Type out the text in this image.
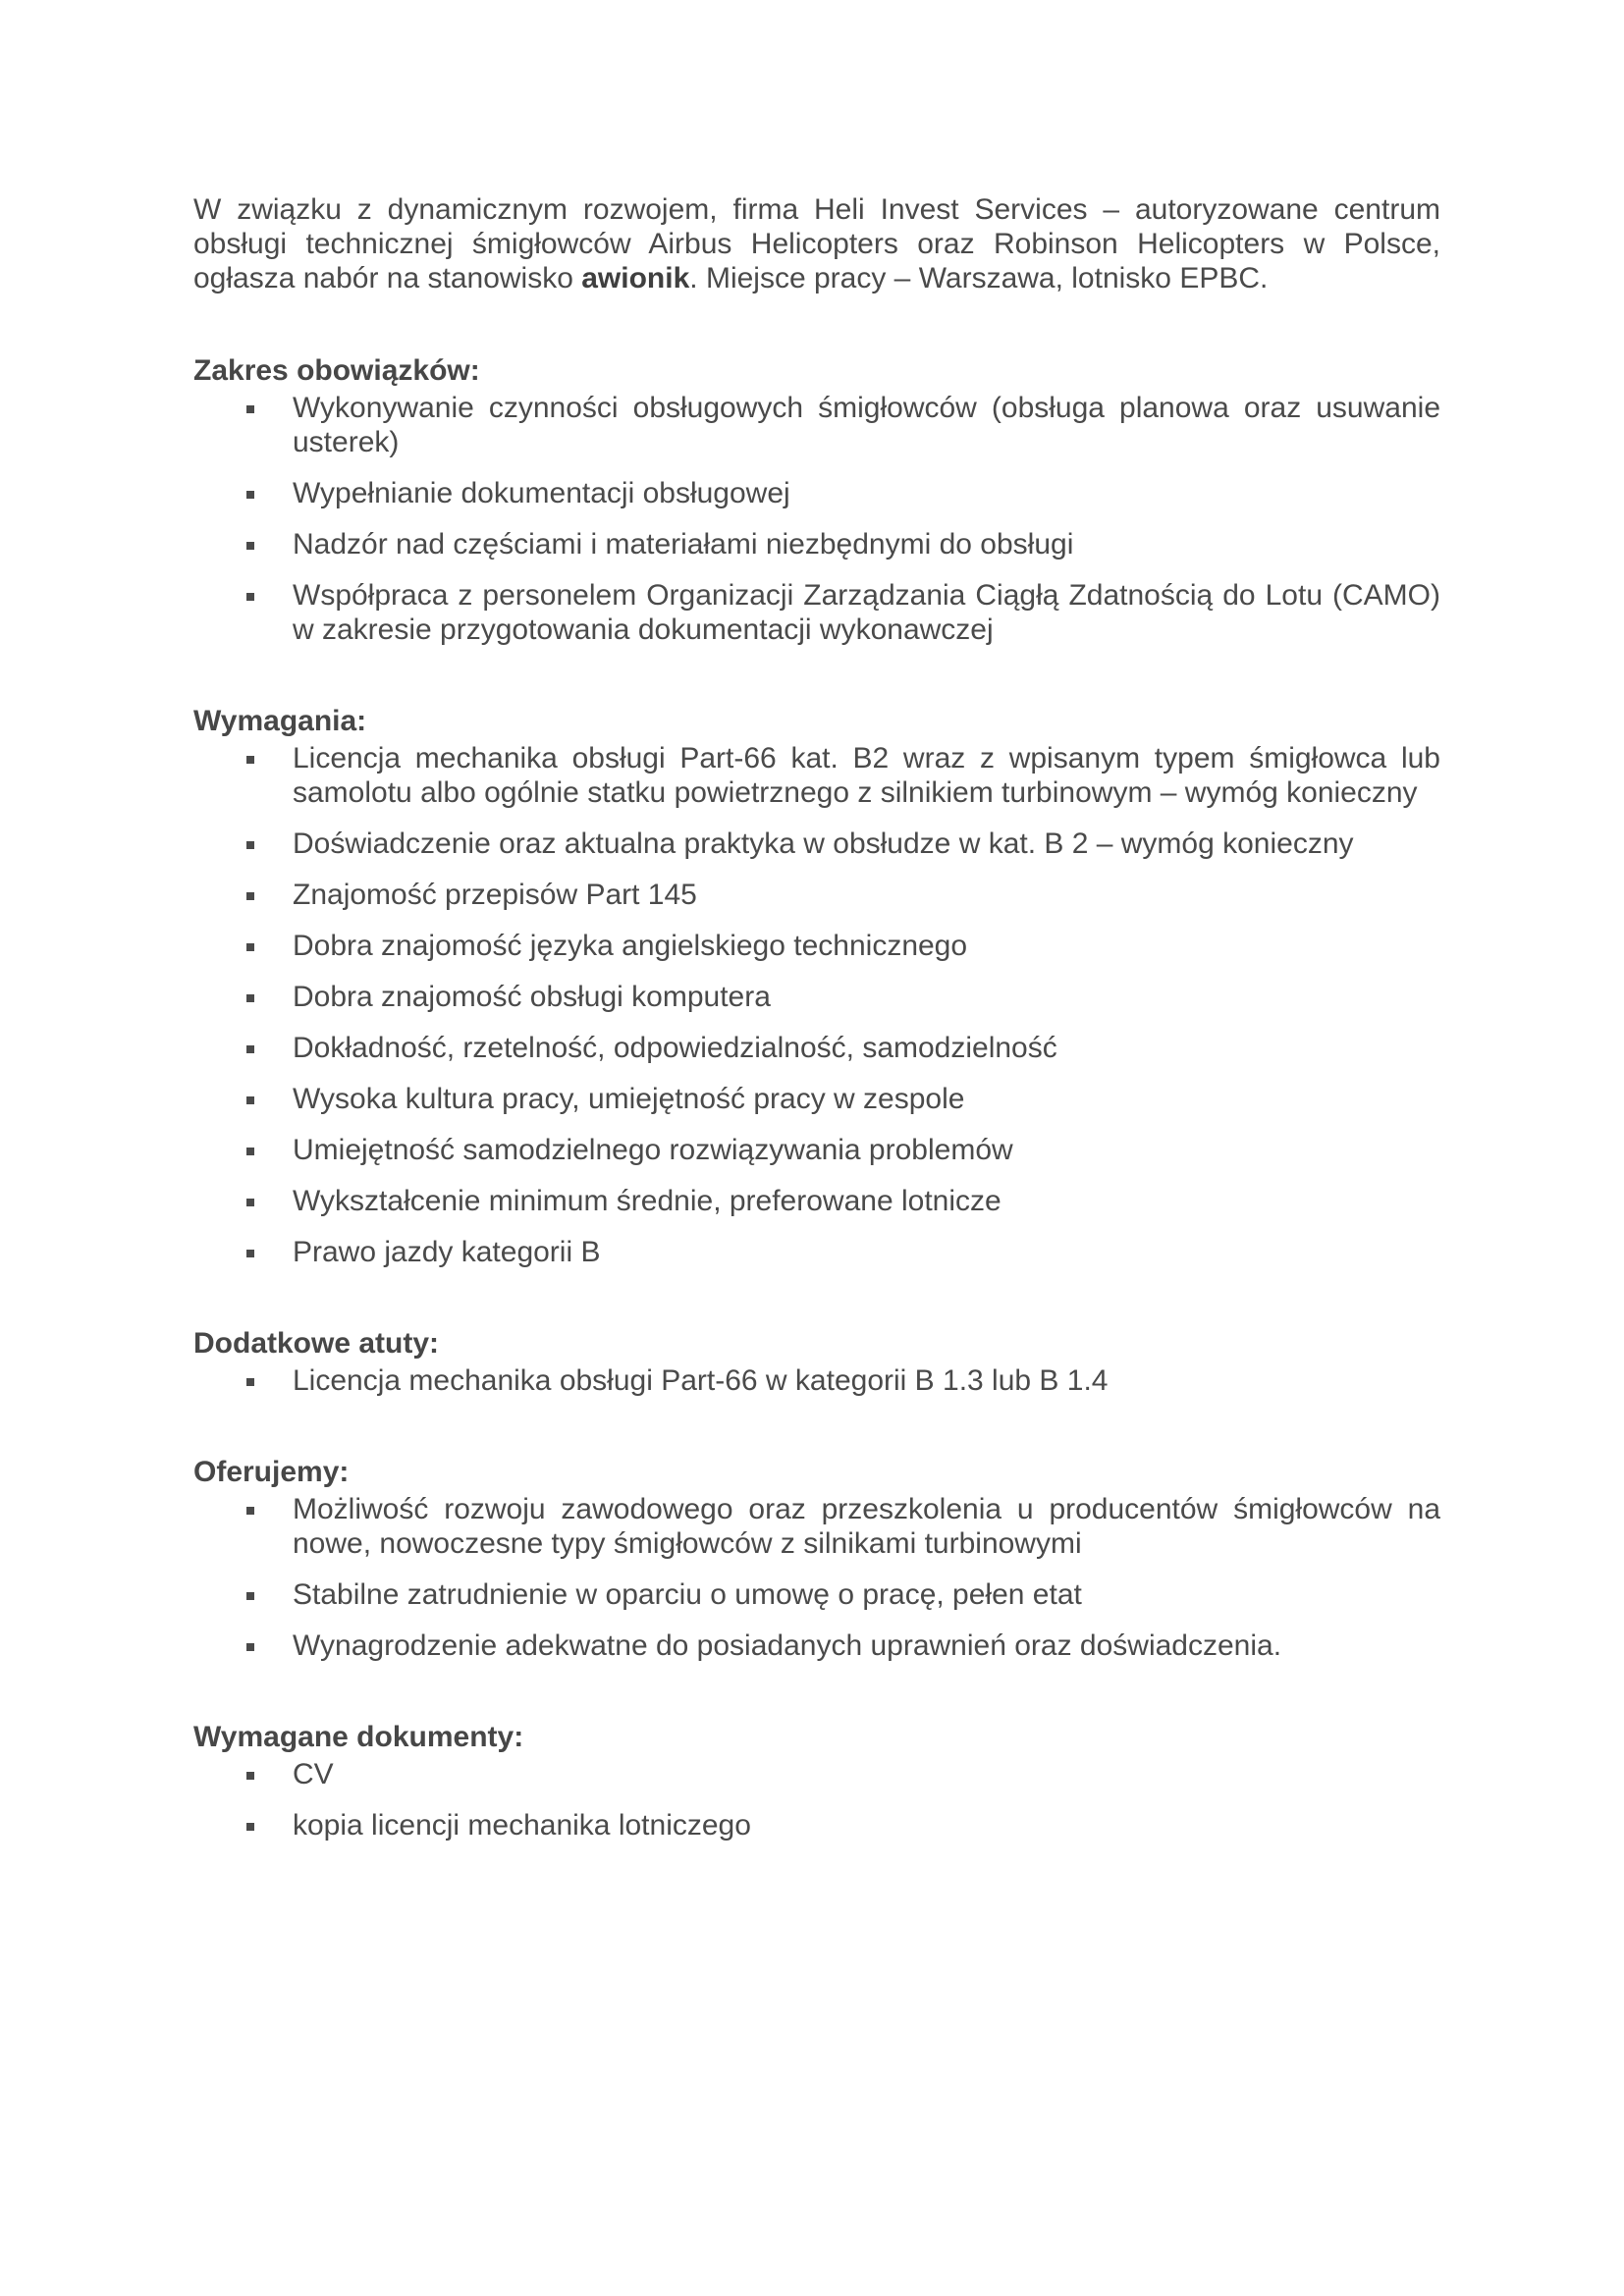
W związku z dynamicznym rozwojem, firma Heli Invest Services – autoryzowane centrum obsługi technicznej śmigłowców Airbus Helicopters oraz Robinson Helicopters w Polsce, ogłasza nabór na stanowisko awionik. Miejsce pracy – Warszawa, lotnisko EPBC.

Zakres obowiązków:
Wykonywanie czynności obsługowych śmigłowców (obsługa planowa oraz usuwanie usterek)
Wypełnianie dokumentacji obsługowej
Nadzór nad częściami i materiałami niezbędnymi do obsługi
Współpraca z personelem Organizacji Zarządzania Ciągłą Zdatnością do Lotu (CAMO) w zakresie przygotowania dokumentacji wykonawczej
Wymagania:
Licencja mechanika obsługi Part-66 kat. B2 wraz z wpisanym typem śmigłowca lub samolotu albo ogólnie statku powietrznego z silnikiem turbinowym – wymóg konieczny
Doświadczenie oraz aktualna praktyka w obsłudze w kat. B 2 – wymóg konieczny
Znajomość przepisów Part 145
Dobra znajomość języka angielskiego technicznego
Dobra znajomość obsługi komputera
Dokładność, rzetelność, odpowiedzialność, samodzielność
Wysoka kultura pracy, umiejętność pracy w zespole
Umiejętność samodzielnego rozwiązywania problemów
Wykształcenie minimum średnie, preferowane lotnicze
Prawo jazdy kategorii B
Dodatkowe atuty:
Licencja mechanika obsługi Part-66 w kategorii B 1.3 lub B 1.4
Oferujemy:
Możliwość rozwoju zawodowego oraz przeszkolenia u producentów śmigłowców na nowe, nowoczesne typy śmigłowców z silnikami turbinowymi
Stabilne zatrudnienie w oparciu o umowę o pracę, pełen etat
Wynagrodzenie adekwatne do posiadanych uprawnień oraz doświadczenia.
Wymagane dokumenty:
CV
kopia licencji mechanika lotniczego
